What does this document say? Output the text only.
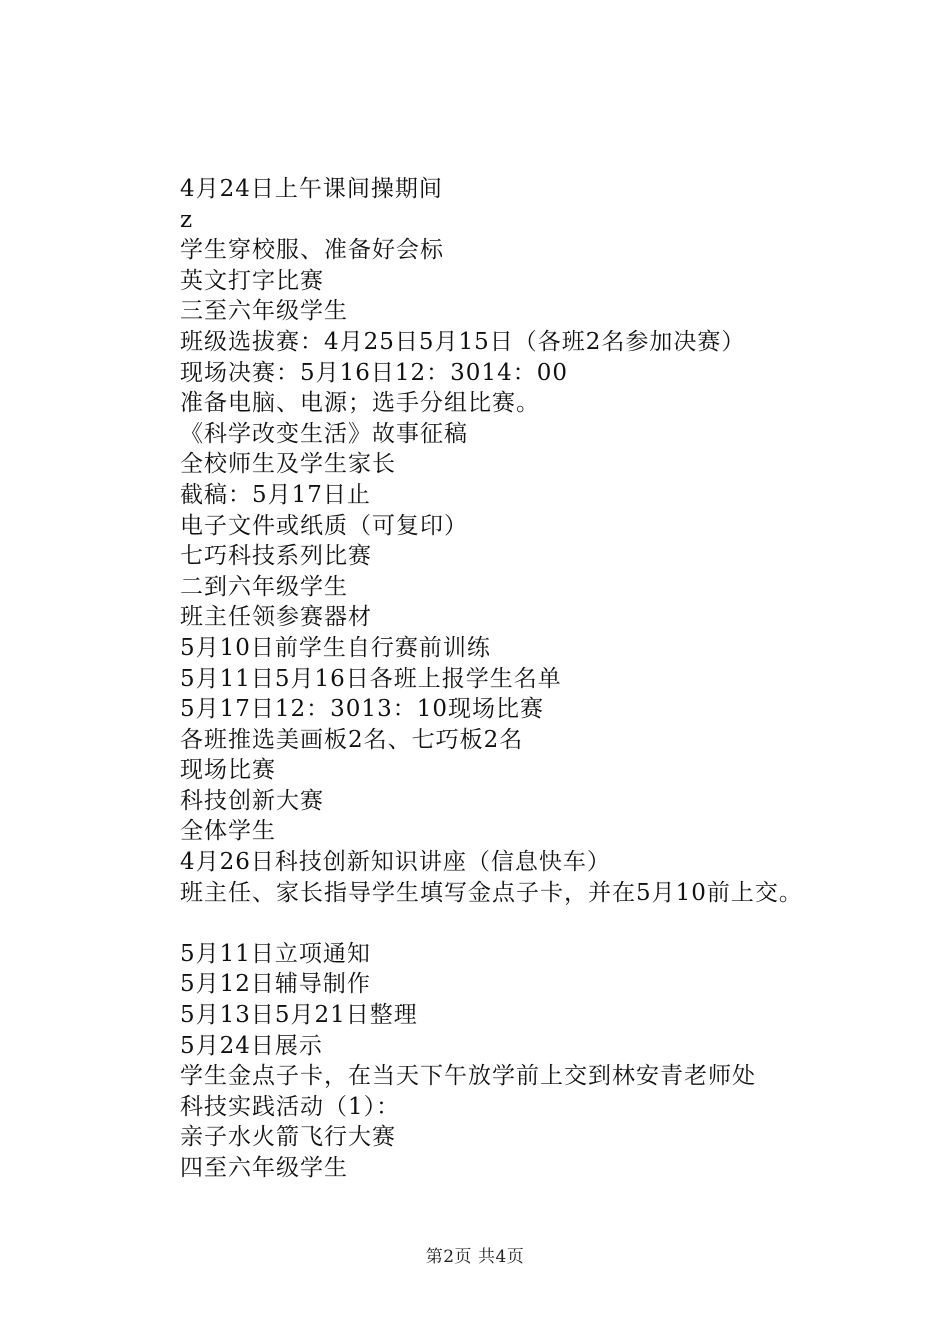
4月24日上午课间操期间
z
学生穿校服、准备好会标
英文打字比赛
三至六年级学生
班级选拔赛：4月25日5月15日（各班2名参加决赛）
现场决赛：5月16日12：3014：00
准备电脑、电源；选手分组比赛。
《科学改变生活》故事征稿
全校师生及学生家长
截稿：5月17日止
电子文件或纸质（可复印）
七巧科技系列比赛
二到六年级学生
班主任领参赛器材
5月10日前学生自行赛前训练
5月11日5月16日各班上报学生名单
5月17日12：3013：10现场比赛
各班推选美画板2名、七巧板2名
现场比赛
科技创新大赛
全体学生
4月26日科技创新知识讲座（信息快车）
班主任、家长指导学生填写金点子卡，并在5月10前上交。
5月11日立项通知
5月12日辅导制作
5月13日5月21日整理
5月24日展示
学生金点子卡，在当天下午放学前上交到林安青老师处
科技实践活动（1）：
亲子水火箭飞行大赛
四至六年级学生
第2页 共4页
